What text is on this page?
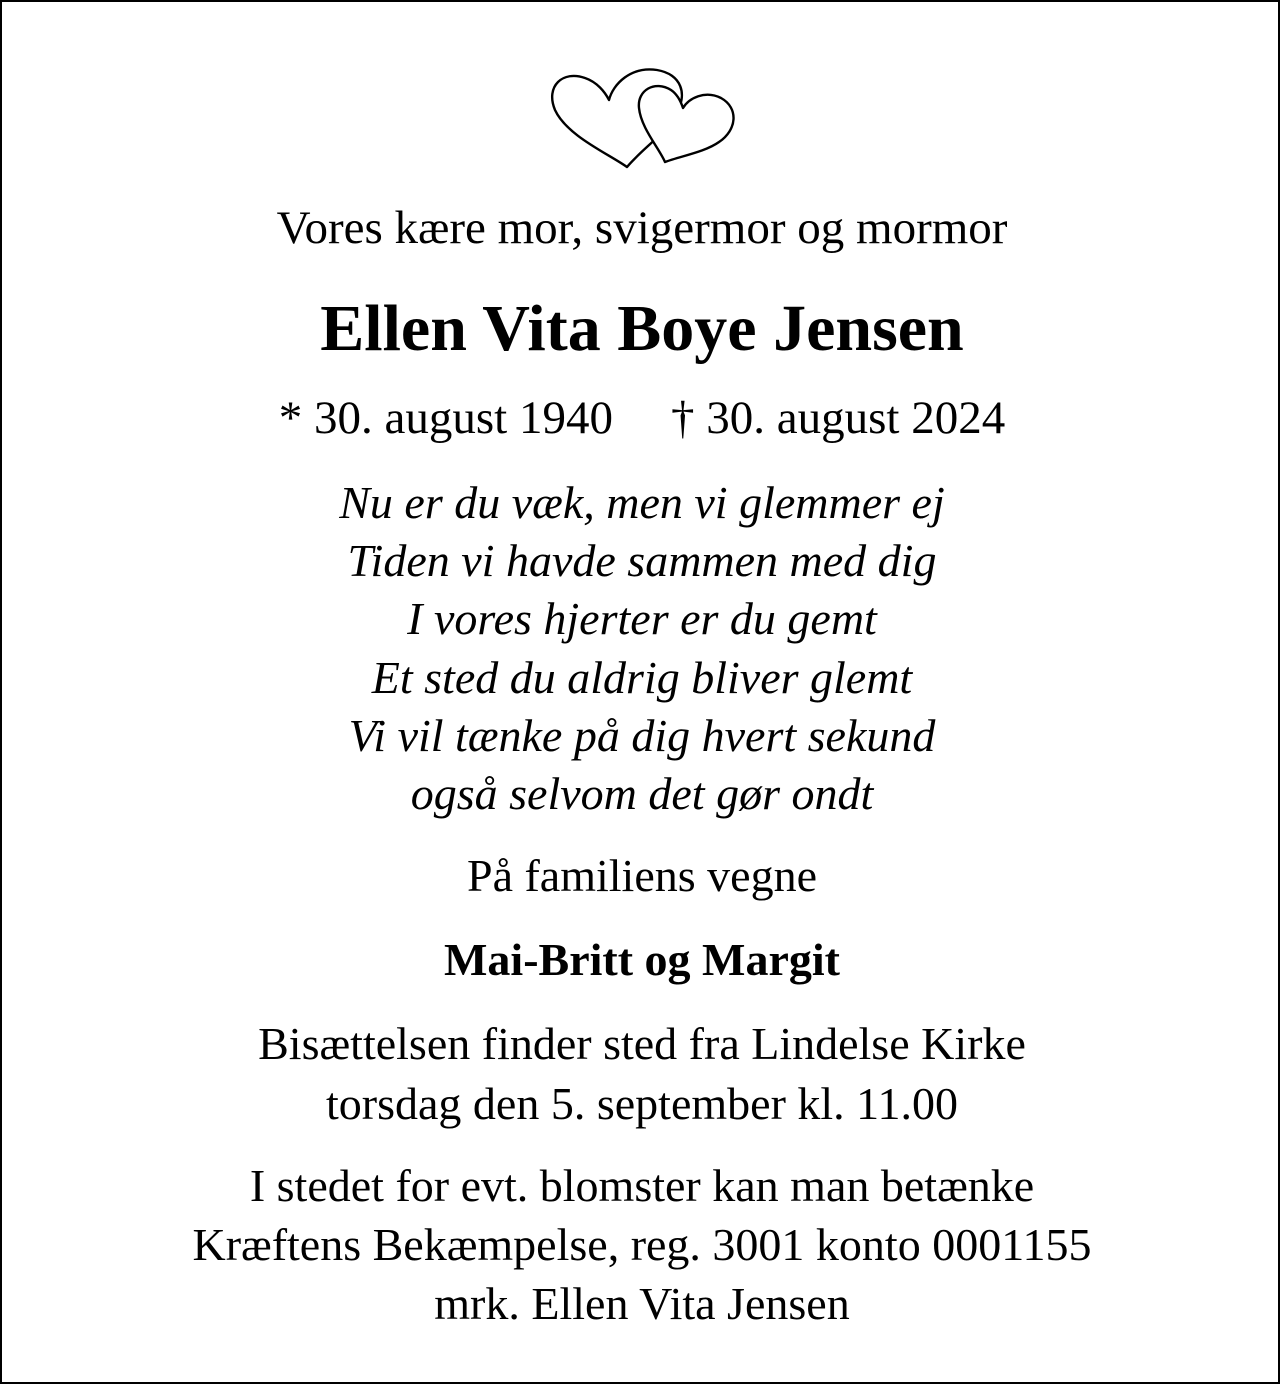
Vores kære mor, svigermor og mormor
Ellen Vita Boye Jensen
* 30. august 1940 † 30. august 2024
Nu er du væk, men vi glemmer ej
Tiden vi havde sammen med dig
I vores hjerter er du gemt
Et sted du aldrig bliver glemt
Vi vil tænke på dig hvert sekund
også selvom det gør ondt
På familiens vegne
Mai-Britt og Margit
Bisættelsen finder sted fra Lindelse Kirke
torsdag den 5. september kl. 11.00
I stedet for evt. blomster kan man betænke
Kræftens Bekæmpelse, reg. 3001 konto 0001155
mrk. Ellen Vita Jensen
